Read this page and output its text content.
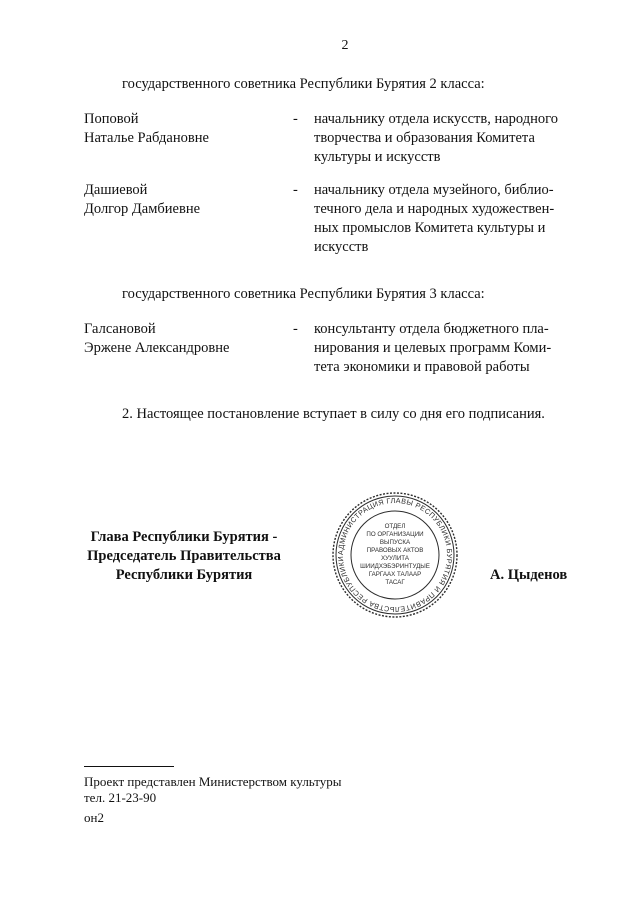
2
государственного советника Республики Бурятия 2 класса:
Поповой
Наталье Рабдановне
-	начальнику отдела искусств, народного
творчества и образования Комитета
культуры и искусств
Дашиевой
Долгор Дамбиевне
-	начальнику отдела музейного, библио-
течного дела и народных художествен-
ных промыслов Комитета культуры и
искусств
государственного советника Республики Бурятия 3 класса:
Галсановой
Эржене Александровне
-	консультанту отдела бюджетного пла-
нирования и целевых программ Коми-
тета экономики и правовой работы
2. Настоящее постановление вступает в силу со дня его подписания.
Глава Республики Бурятия -
Председатель Правительства
Республики Бурятия
АДМИНИСТРАЦИЯ ГЛАВЫ РЕСПУБЛИКИ БУРЯТИЯ И ПРАВИТЕЛЬСТВА РЕСПУБЛИКИ
ОТДЕЛ
ПО ОРГАНИЗАЦИИ
ВЫПУСКА
ПРАВОВЫХ АКТОВ
ХУУЛИТА
ШИИДХЭБЭРИНТУДЫЕ
ГАРГААХ ТАЛААР
ТАСАГ	А. Цыденов
Проект представлен Министерством культуры
тел. 21-23-90
он2
